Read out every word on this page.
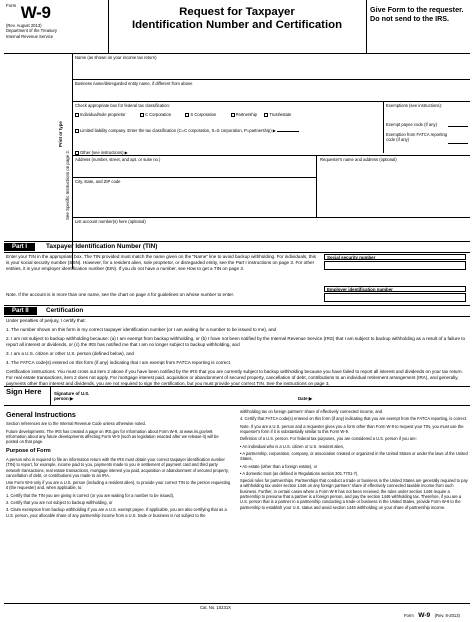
$^{Form}$ W-9
(Rev. August 2013)
Department of the Treasury
Internal Revenue Service
Request for Taxpayer
Identification Number and Certification
Give Form to the requester. Do not send to the IRS.
Print or type
See Specific Instructions on page 2.
Name (as shown on your income tax return)
Business name/disregarded entity name, if different from above
Check appropriate box for federal tax classification:
Individual/sole proprietor	C Corporation	S Corporation	Partnership	Trust/estate
Limited liability company. Enter the tax classification (C=C corporation, S=S corporation, P=partnership) ▶
Other (see instructions) ▶
Exemptions (see instructions):
Exempt payee code (if any)
Exemption from FATCA reporting code (if any)
Address (number, street, and apt. or suite no.)	Requester's name and address (optional)
City, state, and ZIP code
List account number(s) here (optional)
Part I	Taxpayer Identification Number (TIN)
Enter your TIN in the appropriate box. The TIN provided must match the name given on the "Name" line to avoid backup withholding. For individuals, this is your social security number (SSN). However, for a resident alien, sole proprietor, or disregarded entity, see the Part I instructions on page 3. For other entities, it is your employer identification number (EIN). If you do not have a number, see How to get a TIN on page 3.
Note. If the account is in more than one name, see the chart on page 4 for guidelines on whose number to enter.
Social security number
Employer identification number
Part II	Certification
Under penalties of perjury, I certify that:
1. The number shown on this form is my correct taxpayer identification number (or I am waiting for a number to be issued to me), and
2. I am not subject to backup withholding because: (a) I am exempt from backup withholding, or (b) I have not been notified by the Internal Revenue Service (IRS) that I am subject to backup withholding as a result of a failure to report all interest or dividends, or (c) the IRS has notified me that I am no longer subject to backup withholding, and
3. I am a U.S. citizen or other U.S. person (defined below), and
4. The FATCA code(s) entered on this form (if any) indicating that I am exempt from FATCA reporting is correct.
Certification instructions. You must cross out item 2 above if you have been notified by the IRS that you are currently subject to backup withholding because you have failed to report all interest and dividends on your tax return. For real estate transactions, item 2 does not apply. For mortgage interest paid, acquisition or abandonment of secured property, cancellation of debt, contributions to an individual retirement arrangement (IRA), and generally, payments other than interest and dividends, you are not required to sign the certification, but you must provide your correct TIN. See the instructions on page 3.
Sign Here	Signature of U.S. person ▶	Date ▶
General Instructions

Section references are to the Internal Revenue Code unless otherwise noted.

Future developments. The IRS has created a page on IRS.gov for information about Form W-9, at www.irs.gov/w9. Information about any future developments affecting Form W-9 (such as legislation enacted after we release it) will be posted on that page.

Purpose of Form

A person who is required to file an information return with the IRS must obtain your correct taxpayer identification number (TIN) to report, for example, income paid to you, payments made to you in settlement of payment card and third party network transactions, real estate transactions, mortgage interest you paid, acquisition or abandonment of secured property, cancellation of debt, or contributions you made to an IRA.

Use Form W-9 only if you are a U.S. person (including a resident alien), to provide your correct TIN to the person requesting it (the requester) and, when applicable, to:

1. Certify that the TIN you are giving is correct (or you are waiting for a number to be issued),

2. Certify that you are not subject to backup withholding, or

3. Claim exemption from backup withholding if you are a U.S. exempt payee. If applicable, you are also certifying that as a U.S. person, your allocable share of any partnership income from a U.S. trade or business is not subject to the

withholding tax on foreign partners' share of effectively connected income, and

4. Certify that FATCA code(s) entered on this form (if any) indicating that you are exempt from the FATCA reporting, is correct.

Note. If you are a U.S. person and a requester gives you a form other than Form W-9 to request your TIN, you must use the requester's form if it is substantially similar to this Form W-9.

Definition of a U.S. person. For federal tax purposes, you are considered a U.S. person if you are:

• An individual who is a U.S. citizen or U.S. resident alien,

• A partnership, corporation, company, or association created or organized in the United States or under the laws of the United States,

• An estate (other than a foreign estate), or

• A domestic trust (as defined in Regulations section 301.7701-7).

Special rules for partnerships. Partnerships that conduct a trade or business in the United States are generally required to pay a withholding tax under section 1446 on any foreign partners' share of effectively connected taxable income from such business. Further, in certain cases where a Form W-9 has not been received, the rules under section 1446 require a partnership to presume that a partner is a foreign person, and pay the section 1446 withholding tax. Therefore, if you are a U.S. person that is a partner in a partnership conducting a trade or business in the United States, provide Form W-9 to the partnership to establish your U.S. status and avoid section 1446 withholding on your share of partnership income.

Cat. No. 10231X
Form W-9 (Rev. 8-2013)
